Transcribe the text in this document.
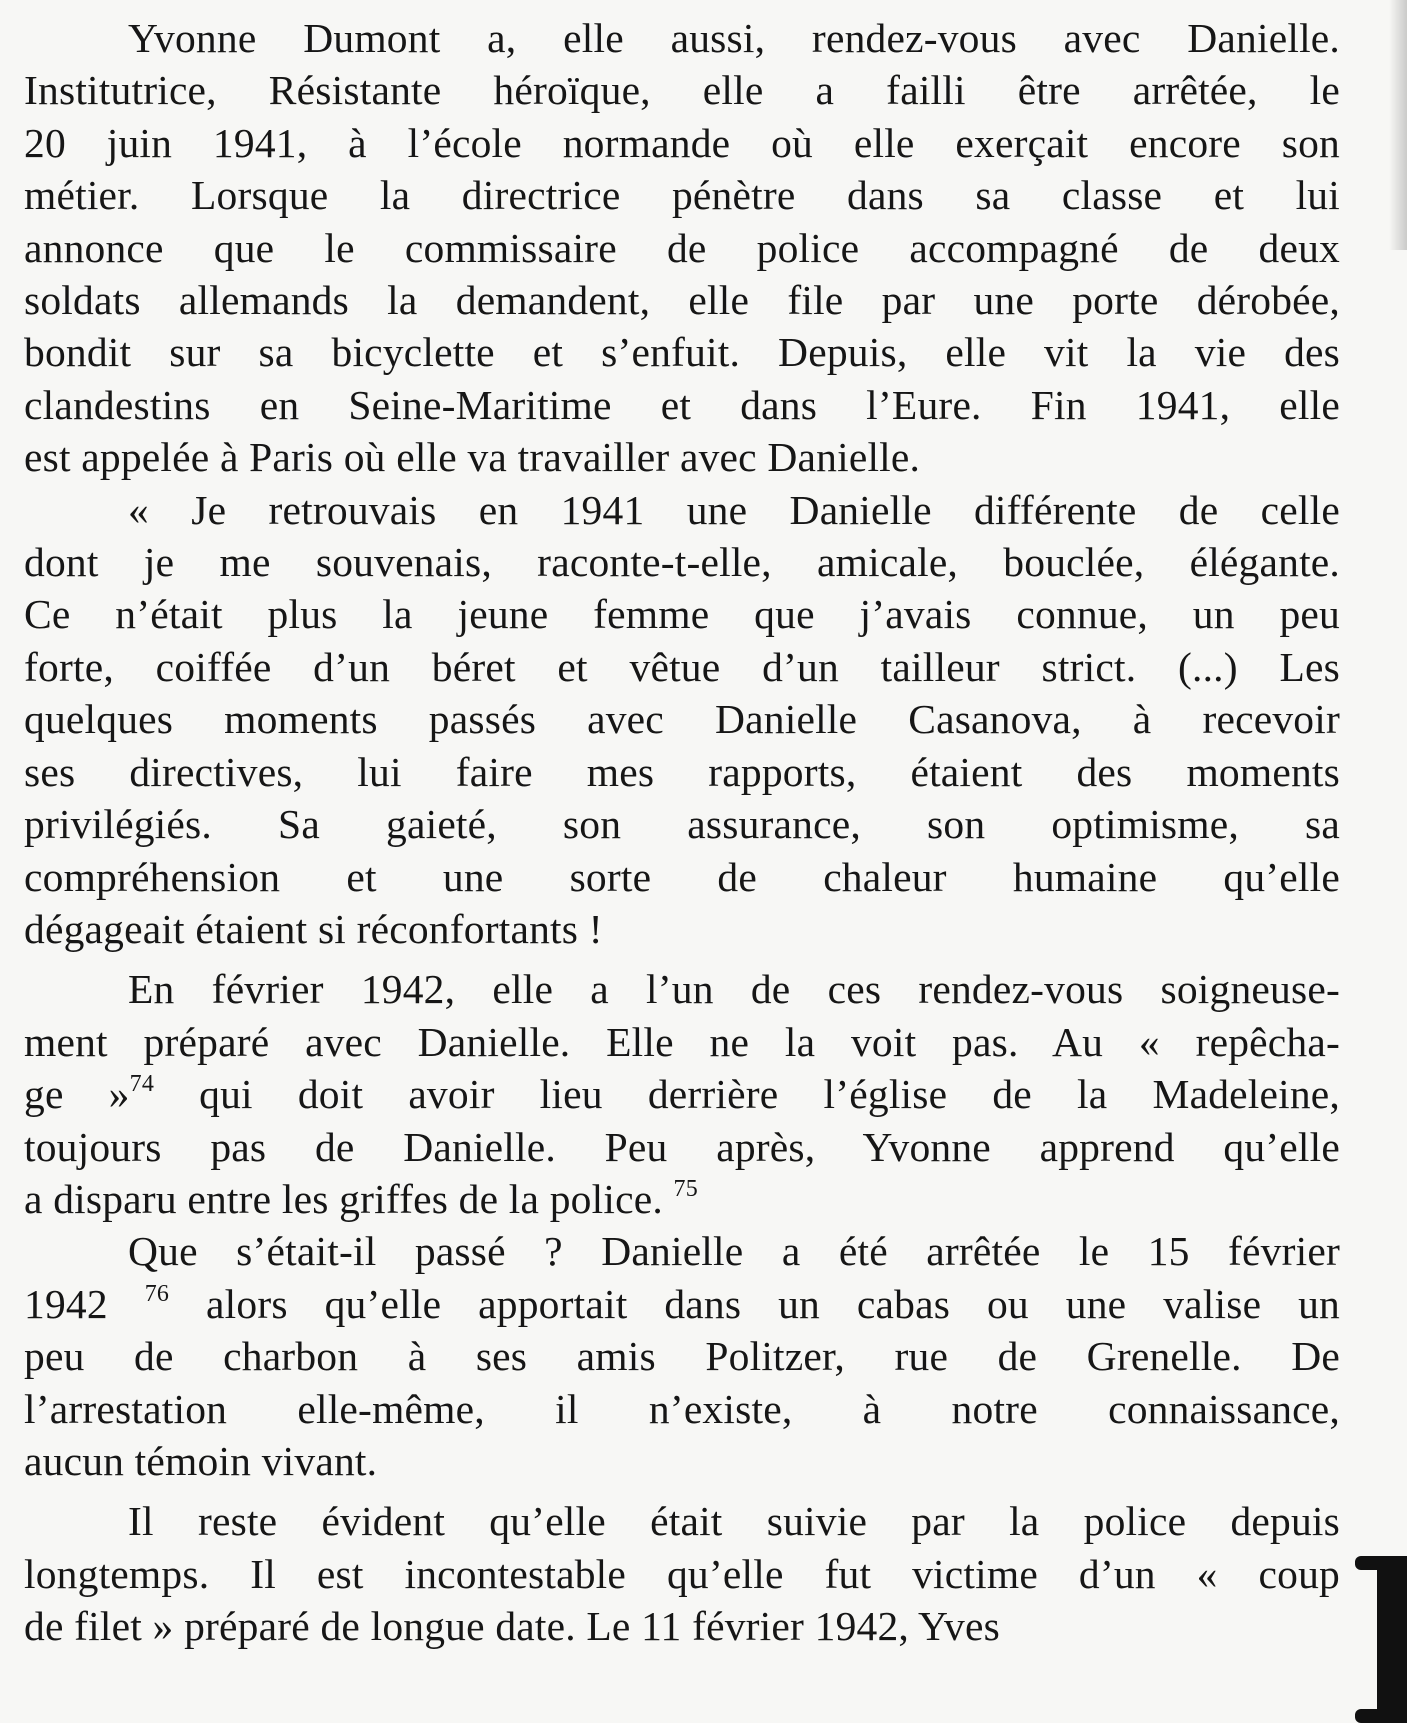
Yvonne Dumont a, elle aussi, rendez-vous avec Danielle.
Institutrice, Résistante héroïque, elle a failli être arrêtée, le
20 juin 1941, à l’école normande où elle exerçait encore son
métier. Lorsque la directrice pénètre dans sa classe et lui
annonce que le commissaire de police accompagné de deux
soldats allemands la demandent, elle file par une porte dérobée,
bondit sur sa bicyclette et s’enfuit. Depuis, elle vit la vie des
clandestins en Seine-Maritime et dans l’Eure. Fin 1941, elle
est appelée à Paris où elle va travailler avec Danielle.

« Je retrouvais en 1941 une Danielle différente de celle
dont je me souvenais, raconte-t-elle, amicale, bouclée, élégante.
Ce n’était plus la jeune femme que j’avais connue, un peu
forte, coiffée d’un béret et vêtue d’un tailleur strict. (...) Les
quelques moments passés avec Danielle Casanova, à recevoir
ses directives, lui faire mes rapports, étaient des moments
privilégiés. Sa gaieté, son assurance, son optimisme, sa
compréhension et une sorte de chaleur humaine qu’elle
dégageait étaient si réconfortants !

En février 1942, elle a l’un de ces rendez-vous soigneuse-
ment préparé avec Danielle. Elle ne la voit pas. Au « repêcha-
ge »$^{74}$ qui doit avoir lieu derrière l’église de la Madeleine,
toujours pas de Danielle. Peu après, Yvonne apprend qu’elle
a disparu entre les griffes de la police. $^{75}$

Que s’était-il passé ? Danielle a été arrêtée le 15 février
1942 $^{76}$ alors qu’elle apportait dans un cabas ou une valise un
peu de charbon à ses amis Politzer, rue de Grenelle. De
l’arrestation elle-même, il n’existe, à notre connaissance,
aucun témoin vivant.

Il reste évident qu’elle était suivie par la police depuis
longtemps. Il est incontestable qu’elle fut victime d’un « coup
de filet » préparé de longue date. Le 11 février 1942, Yves
